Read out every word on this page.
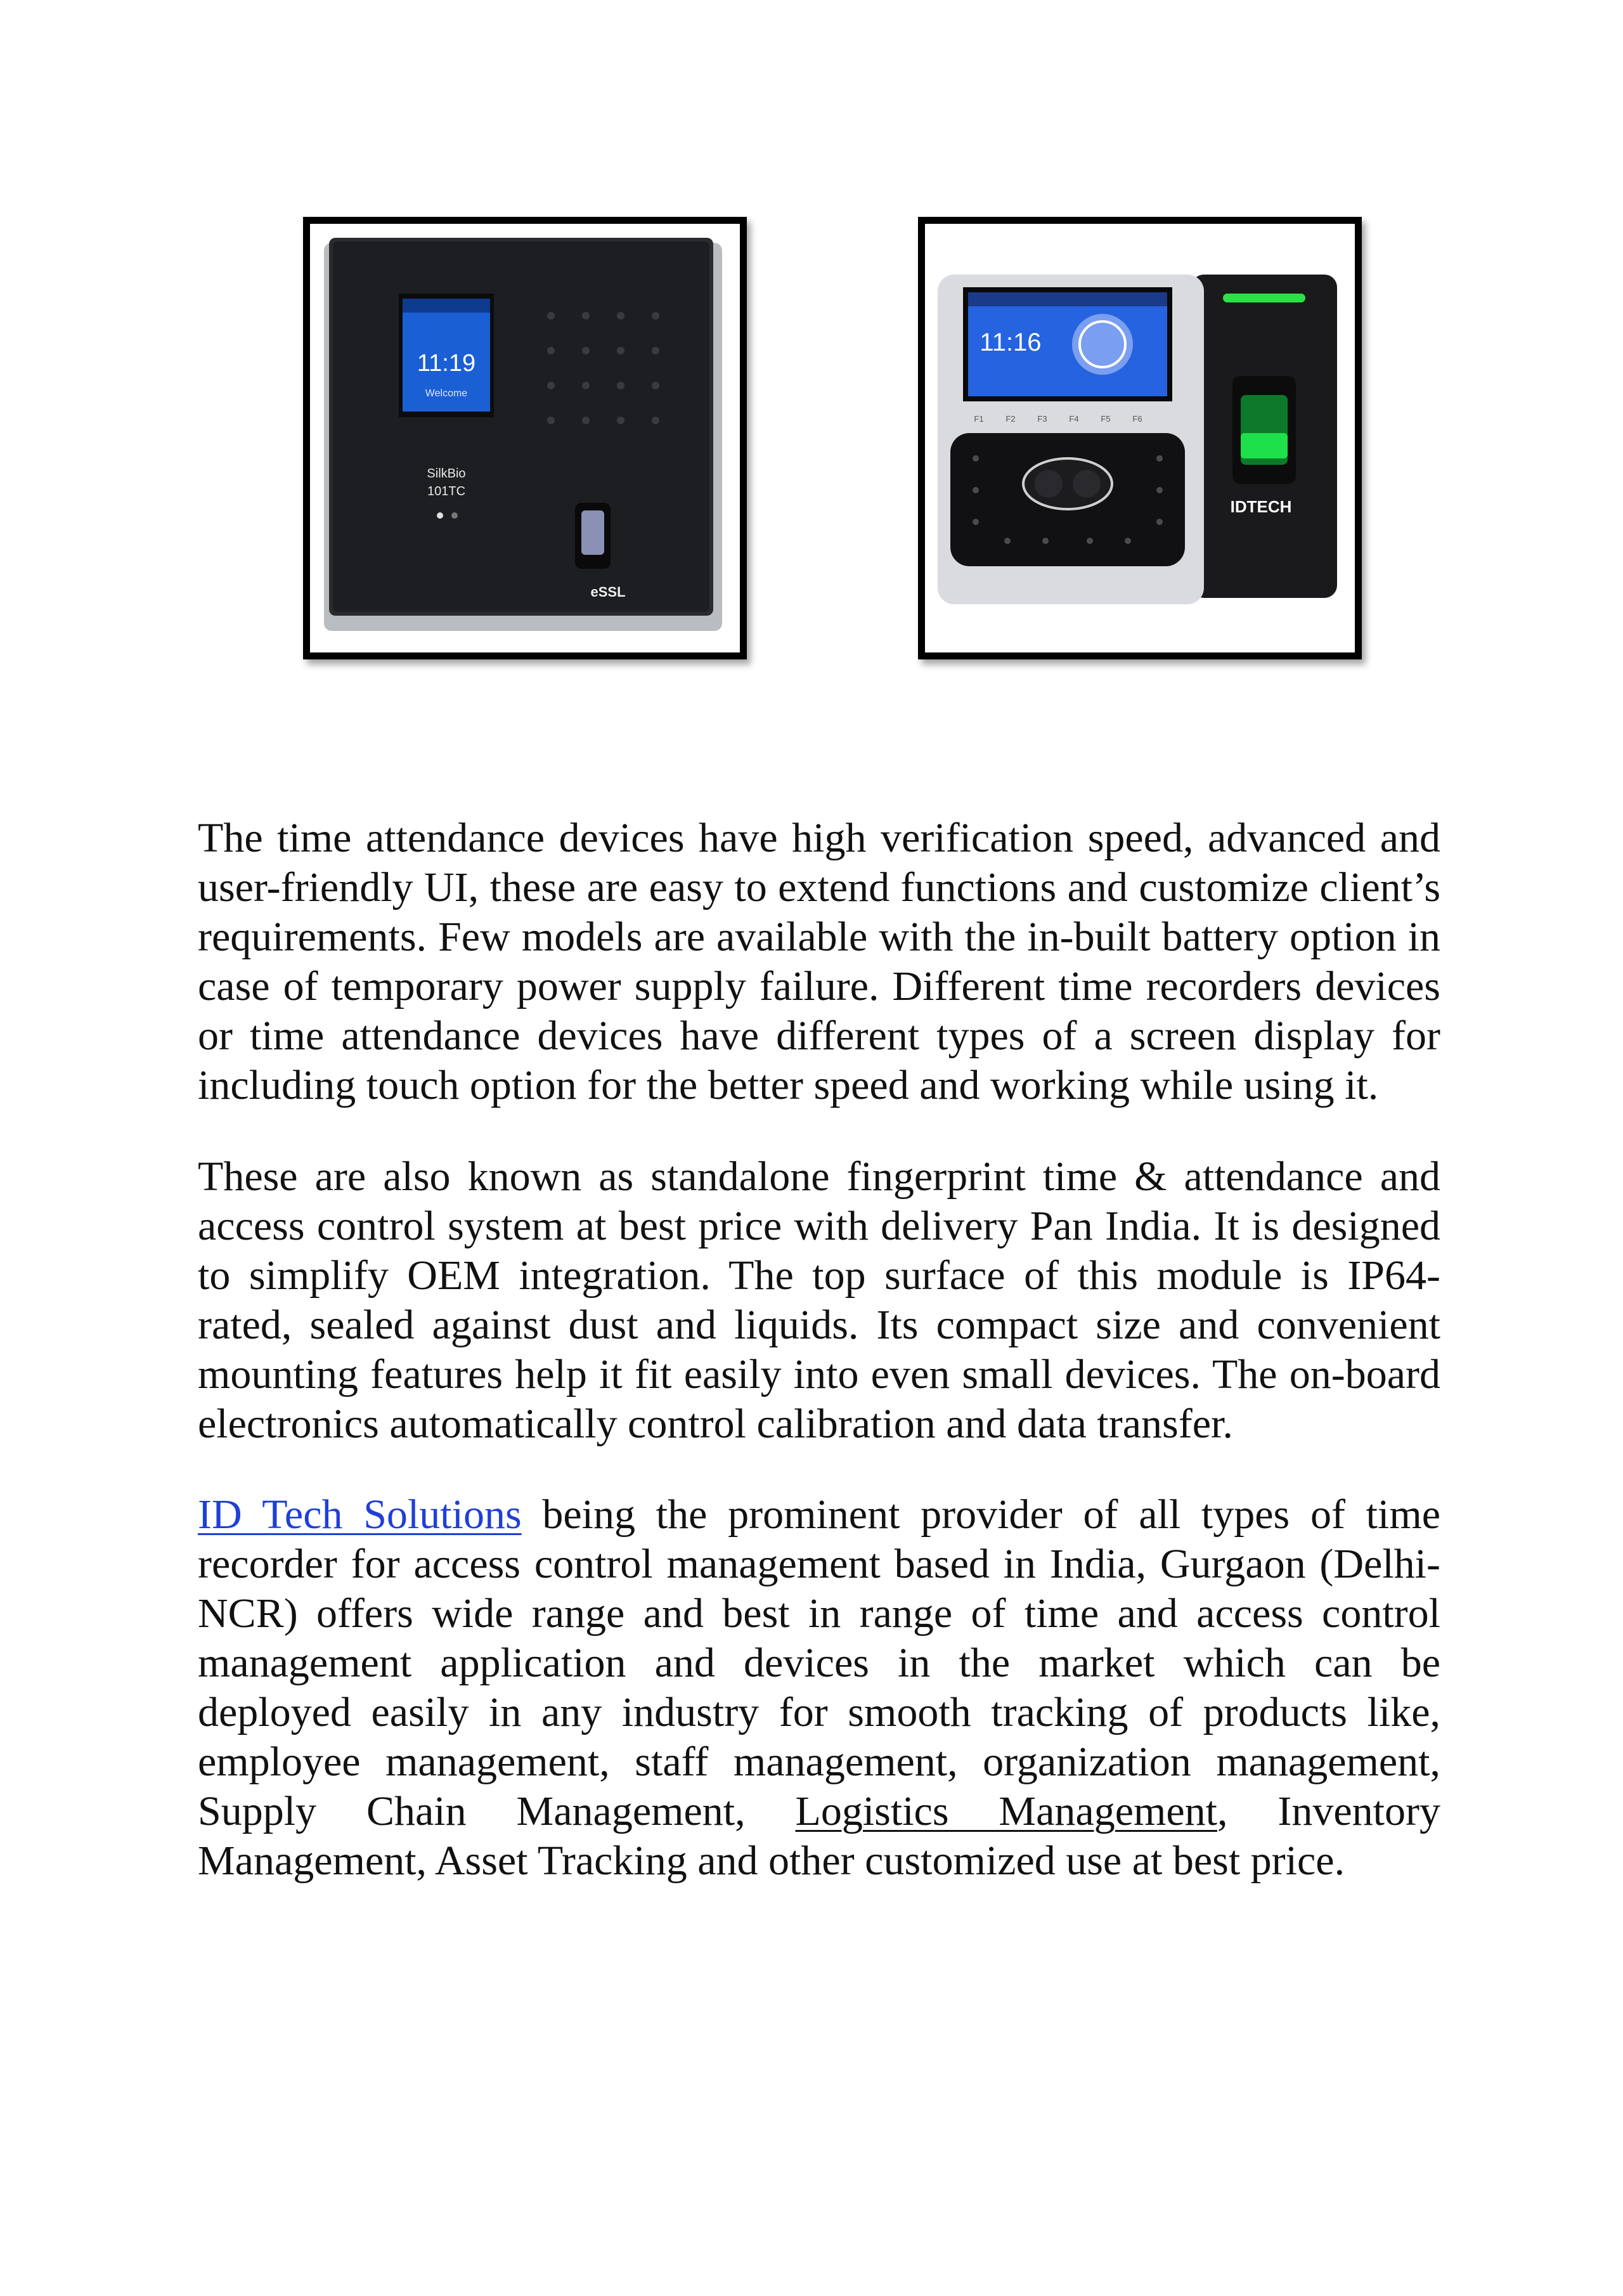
11:19
Welcome
SilkBio
101TC
eSSL
IDTECH
11:16
F1	F2	F3	F4	F5	F6

The time attendance devices have high verification speed, advanced and user-friendly UI, these are easy to extend functions and customize client’s requirements. Few models are available with the in-built battery option in case of temporary power supply failure. Different time recorders devices or time attendance devices have different types of a screen display for including touch option for the better speed and working while using it.

These are also known as standalone fingerprint time & attendance and access control system at best price with delivery Pan India. It is designed to simplify OEM integration. The top surface of this module is IP64-rated, sealed against dust and liquids. Its compact size and convenient mounting features help it fit easily into even small devices. The on-board electronics automatically control calibration and data transfer.

ID Tech Solutions being the prominent provider of all types of time recorder for access control management based in India, Gurgaon (Delhi-NCR) offers wide range and best in range of time and access control management application and devices in the market which can be deployed easily in any industry for smooth tracking of products like, employee management, staff management, organization management, Supply Chain Management, Logistics Management, Inventory Management, Asset Tracking and other customized use at best price.
